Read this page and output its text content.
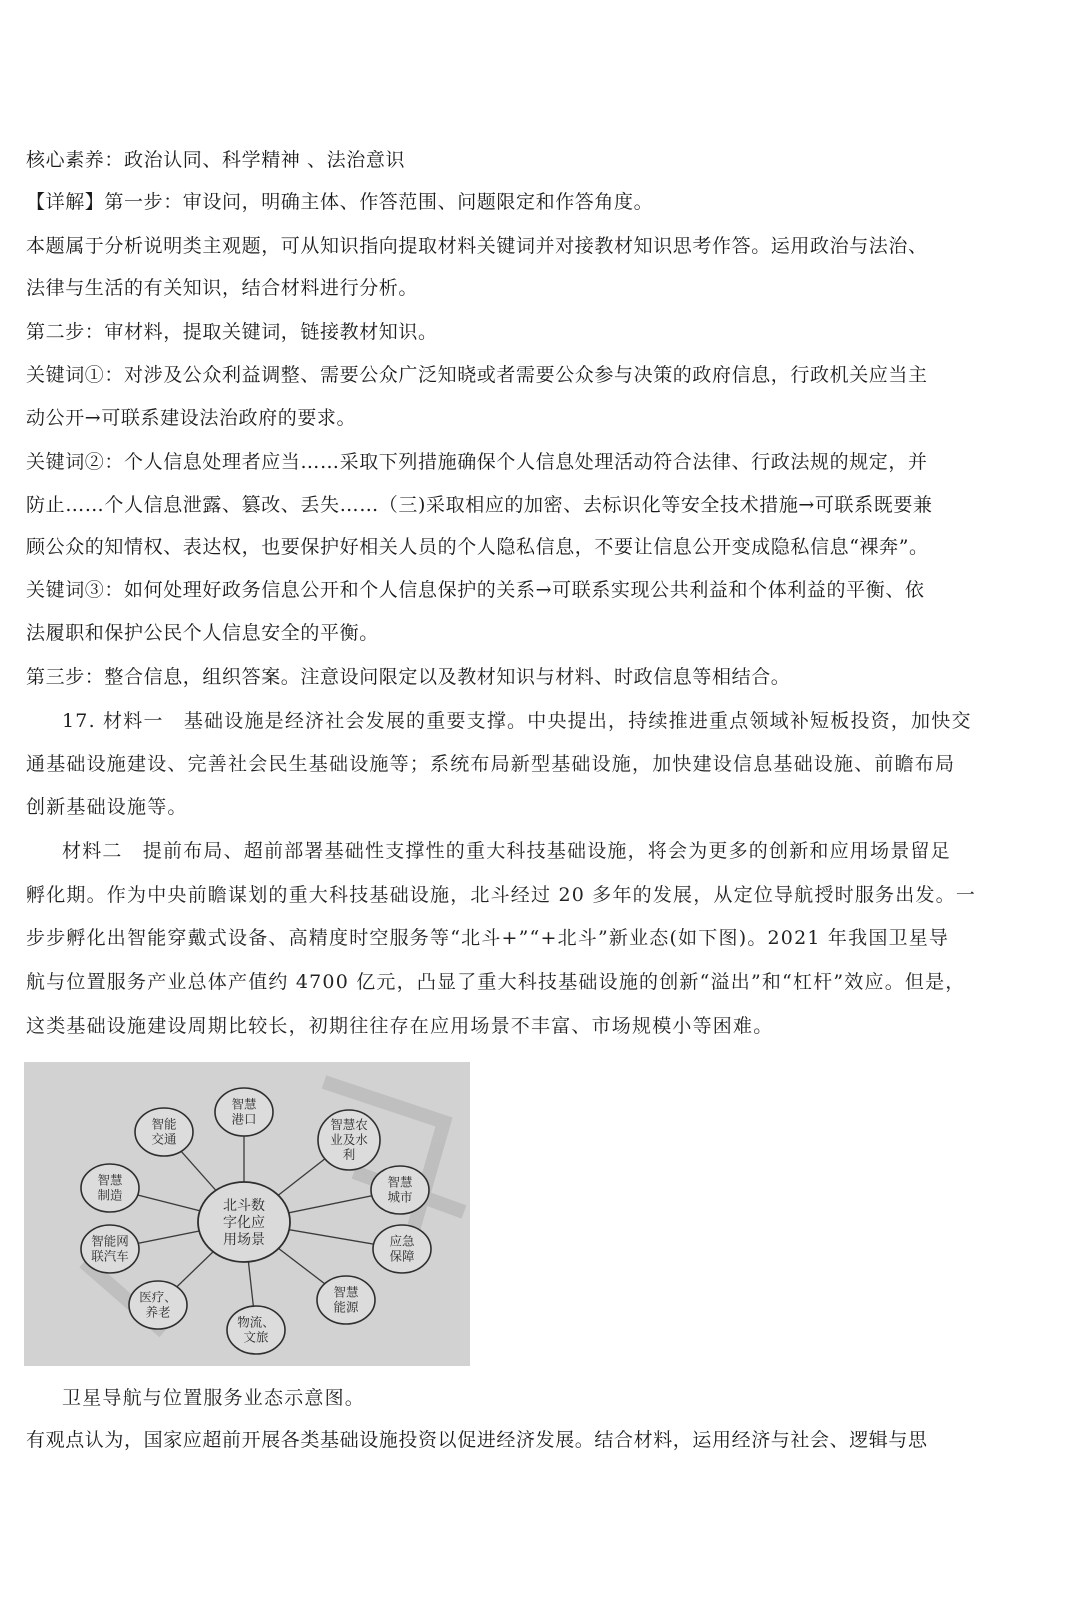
核心素养：政治认同、科学精神 、法治意识
【详解】第一步：审设问，明确主体、作答范围、问题限定和作答角度。
本题属于分析说明类主观题，可从知识指向提取材料关键词并对接教材知识思考作答。运用政治与法治、
法律与生活的有关知识，结合材料进行分析。
第二步：审材料，提取关键词，链接教材知识。
关键词①：对涉及公众利益调整、需要公众广泛知晓或者需要公众参与决策的政府信息，行政机关应当主
动公开→可联系建设法治政府的要求。
关键词②：个人信息处理者应当……采取下列措施确保个人信息处理活动符合法律、行政法规的规定，并
防止……个人信息泄露、篡改、丢失……（三)采取相应的加密、去标识化等安全技术措施→可联系既要兼
顾公众的知情权、表达权，也要保护好相关人员的个人隐私信息，不要让信息公开变成隐私信息“裸奔”。
关键词③：如何处理好政务信息公开和个人信息保护的关系→可联系实现公共利益和个体利益的平衡、依
法履职和保护公民个人信息安全的平衡。
第三步：整合信息，组织答案。注意设问限定以及教材知识与材料、时政信息等相结合。
17. 材料一　基础设施是经济社会发展的重要支撑。中央提出，持续推进重点领域补短板投资，加快交
通基础设施建设、完善社会民生基础设施等；系统布局新型基础设施，加快建设信息基础设施、前瞻布局
创新基础设施等。
材料二　提前布局、超前部署基础性支撑性的重大科技基础设施，将会为更多的创新和应用场景留足
孵化期。作为中央前瞻谋划的重大科技基础设施，北斗经过 20 多年的发展，从定位导航授时服务出发。一
步步孵化出智能穿戴式设备、高精度时空服务等“北斗+”“+北斗”新业态(如下图)。2021 年我国卫星导
航与位置服务产业总体产值约 4700 亿元，凸显了重大科技基础设施的创新“溢出”和“杠杆”效应。但是，
这类基础设施建设周期比较长，初期往往存在应用场景不丰富、市场规模小等困难。
智慧
港口	智慧农
业及水
利
智慧
城市
应急
保障
智慧
能源
物流、
文旅
医疗、
养老
智能网
联汽车
智慧
制造
智能
交通
北斗数
字化应
用场景
卫星导航与位置服务业态示意图。
有观点认为，国家应超前开展各类基础设施投资以促进经济发展。结合材料，运用经济与社会、逻辑与思
